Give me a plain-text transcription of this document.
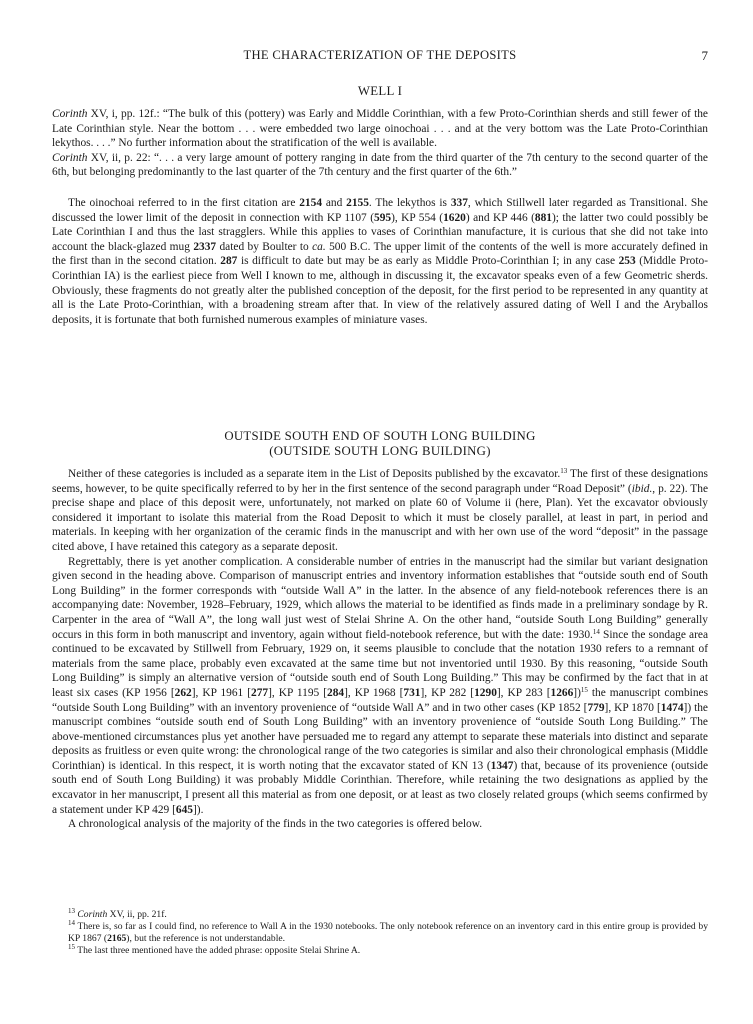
THE CHARACTERIZATION OF THE DEPOSITS	7
WELL I

Corinth XV, i, pp. 12f.: “The bulk of this (pottery) was Early and Middle Corinthian, with a few Proto-Corinthian sherds and still fewer of the Late Corinthian style. Near the bottom . . . were embedded two large oinochoai . . . and at the very bottom was the Late Proto-Corinthian lekythos. . . .” No further information about the stratification of the well is available.

Corinth XV, ii, p. 22: “. . . a very large amount of pottery ranging in date from the third quarter of the 7th century to the second quarter of the 6th, but belonging predominantly to the last quarter of the 7th century and the first quarter of the 6th.”

The oinochoai referred to in the first citation are 2154 and 2155. The lekythos is 337, which Stillwell later regarded as Transitional. She discussed the lower limit of the deposit in connection with KP 1107 (595), KP 554 (1620) and KP 446 (881); the latter two could possibly be Late Corinthian I and thus the last stragglers. While this applies to vases of Corinthian manufacture, it is curious that she did not take into account the black-glazed mug 2337 dated by Boulter to ca. 500 B.C. The upper limit of the contents of the well is more accurately defined in the first than in the second citation. 287 is difficult to date but may be as early as Middle Proto-Corinthian I; in any case 253 (Middle Proto-Corinthian IA) is the earliest piece from Well I known to me, although in discussing it, the excavator speaks even of a few Geometric sherds. Obviously, these fragments do not greatly alter the published conception of the deposit, for the first period to be represented in any quantity at all is the Late Proto-Corinthian, with a broadening stream after that. In view of the relatively assured dating of Well I and the Aryballos deposits, it is fortunate that both furnished numerous examples of miniature vases.

OUTSIDE SOUTH END OF SOUTH LONG BUILDING
(OUTSIDE SOUTH LONG BUILDING)

Neither of these categories is included as a separate item in the List of Deposits published by the excavator.$^{13}$ The first of these designations seems, however, to be quite specifically referred to by her in the first sentence of the second paragraph under “Road Deposit” (ibid., p. 22). The precise shape and place of this deposit were, unfortunately, not marked on plate 60 of Volume ii (here, Plan). Yet the excavator obviously considered it important to isolate this material from the Road Deposit to which it must be closely parallel, at least in part, in period and materials. In keeping with her organization of the ceramic finds in the manuscript and with her own use of the word “deposit” in the passage cited above, I have retained this category as a separate deposit.

Regrettably, there is yet another complication. A considerable number of entries in the manuscript had the similar but variant designation given second in the heading above. Comparison of manuscript entries and inventory information establishes that “outside south end of South Long Building” in the former corresponds with “outside Wall A” in the latter. In the absence of any field-notebook references there is an accompanying date: November, 1928–February, 1929, which allows the material to be identified as finds made in a preliminary sondage by R. Carpenter in the area of “Wall A”, the long wall just west of Stelai Shrine A. On the other hand, “outside South Long Building” generally occurs in this form in both manuscript and inventory, again without field-notebook reference, but with the date: 1930.14 Since the sondage area continued to be excavated by Stillwell from February, 1929 on, it seems plausible to conclude that the notation 1930 refers to a remnant of materials from the same place, probably even excavated at the same time but not inventoried until 1930. By this reasoning, “outside South Long Building” is simply an alternative version of “outside south end of South Long Building.” This may be confirmed by the fact that in at least six cases (KP 1956 [262], KP 1961 [277], KP 1195 [284], KP 1968 [731], KP 282 [1290], KP 283 [1266])$^{15}$ the manuscript combines “outside South Long Building” with an inventory provenience of “outside Wall A” and in two other cases (KP 1852 [779], KP 1870 [1474]) the manuscript combines “outside south end of South Long Building” with an inventory provenience of “outside South Long Building.” The above-mentioned circumstances plus yet another have persuaded me to regard any attempt to separate these materials into distinct and separate deposits as fruitless or even quite wrong: the chronological range of the two categories is similar and also their chronological emphasis (Middle Corinthian) is identical. In this respect, it is worth noting that the excavator stated of KN 13 (1347) that, because of its provenience (outside south end of South Long Building) it was probably Middle Corinthian. Therefore, while retaining the two designations as applied by the excavator in her manuscript, I present all this material as from one deposit, or at least as two closely related groups (which seems confirmed by a statement under KP 429 [645]).

A chronological analysis of the majority of the finds in the two categories is offered below.

$^{13}$ Corinth XV, ii, pp. 21f.

$^{14}$ There is, so far as I could find, no reference to Wall A in the 1930 notebooks. The only notebook reference on an inventory card in this entire group is provided by KP 1867 (2165), but the reference is not understandable.

$^{15}$ The last three mentioned have the added phrase: opposite Stelai Shrine A.
